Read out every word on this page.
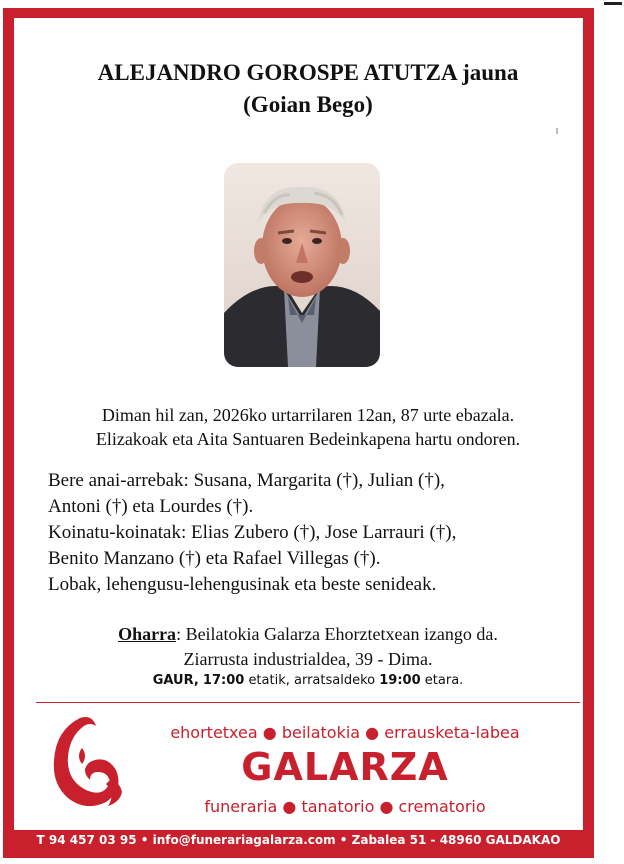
ALEJANDRO GOROSPE ATUTZA jauna
(Goian Bego)
Diman hil zan, 2026ko urtarrilaren 12an, 87 urte ebazala.
Elizakoak eta Aita Santuaren Bedeinkapena hartu ondoren.
Bere anai-arrebak: Susana, Margarita (†), Julian (†),
Antoni (†) eta Lourdes (†).
Koinatu-koinatak: Elias Zubero (†), Jose Larrauri (†),
Benito Manzano (†) eta Rafael Villegas (†).
Lobak, lehengusu-lehengusinak eta beste senideak.
Oharra: Beilatokia Galarza Ehorztetxean izango da.
Ziarrusta industrialdea, 39 - Dima.
GAUR, 17:00 etatik, arratsaldeko 19:00 etara.
ehortetxea ● beilatokia ● errausketa-labea
GALARZA
funeraria ● tanatorio ● crematorio
T 94 457 03 95 • info@funerariagalarza.com • Zabalea 51 - 48960 GALDAKAO
